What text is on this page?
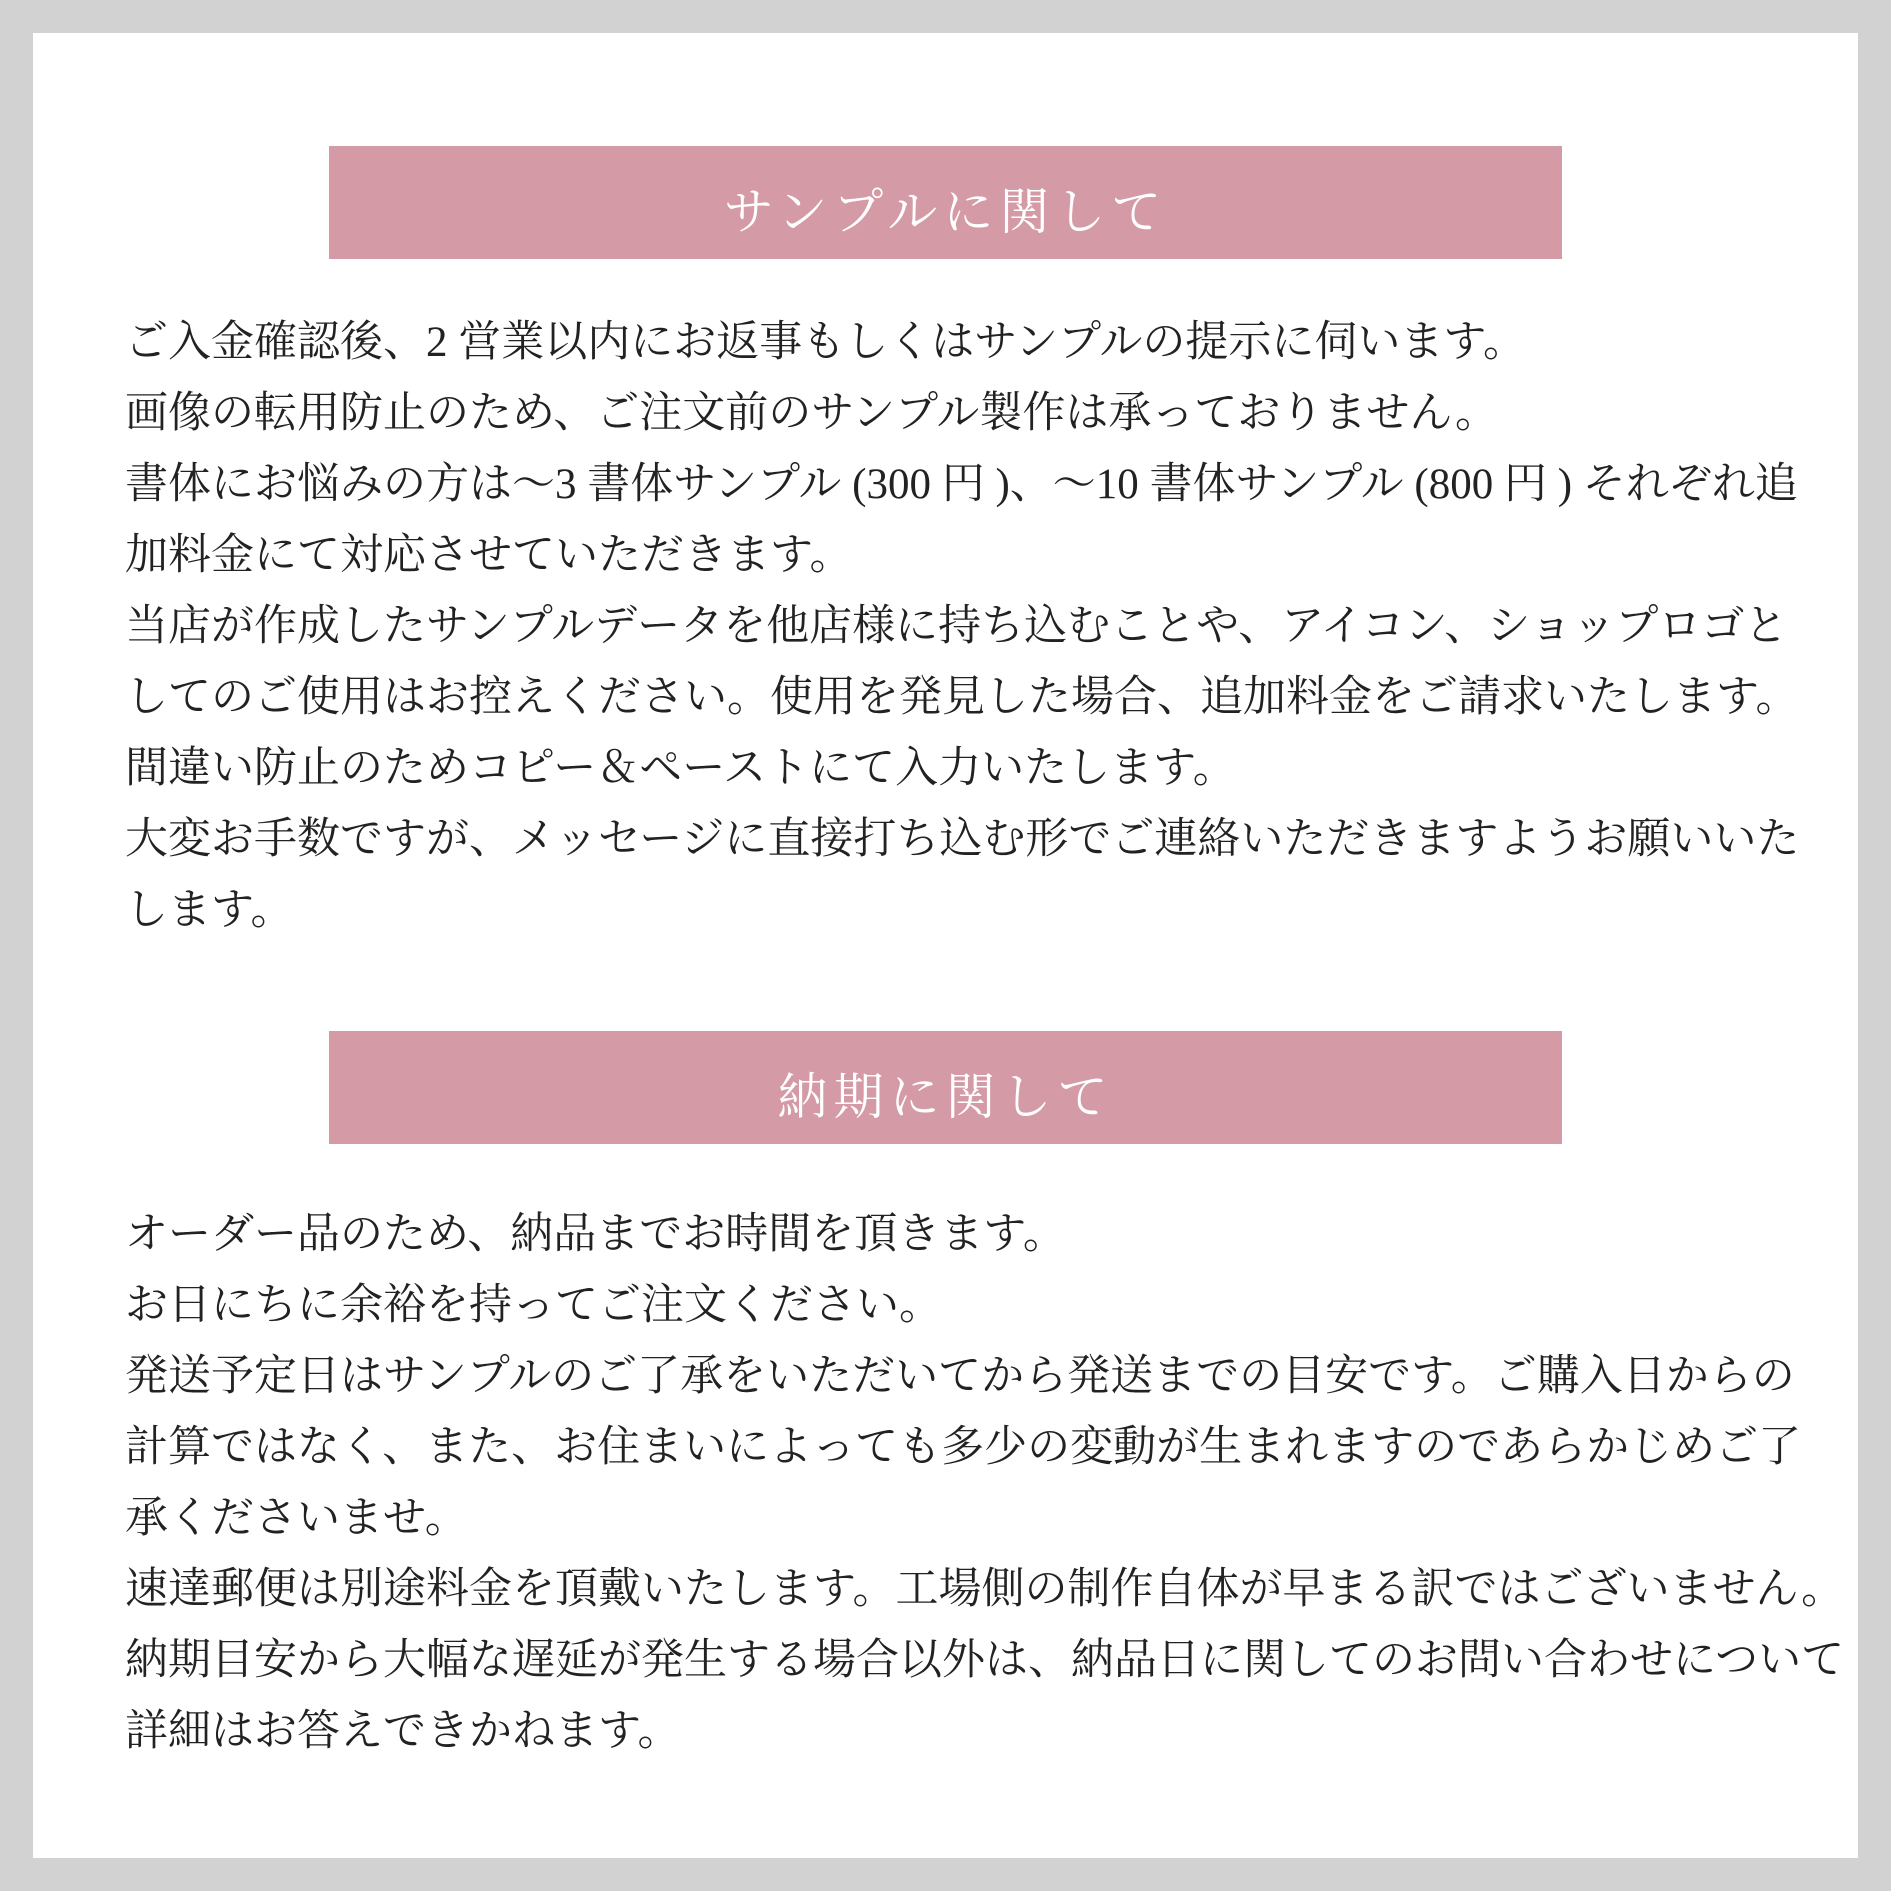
サンプルに関して
ご入金確認後、2 営業以内にお返事もしくはサンプルの提示に伺います。
画像の転用防止のため、ご注文前のサンプル製作は承っておりません。
書体にお悩みの方は～3 書体サンプル (300 円 )、～10 書体サンプル (800 円 ) それぞれ追
加料金にて対応させていただきます。
当店が作成したサンプルデータを他店様に持ち込むことや、アイコン、ショップロゴと
してのご使用はお控えください。使用を発見した場合、追加料金をご請求いたします。
間違い防止のためコピー＆ペーストにて入力いたします。
大変お手数ですが、メッセージに直接打ち込む形でご連絡いただきますようお願いいた
します。
納期に関して
オーダー品のため、納品までお時間を頂きます。
お日にちに余裕を持ってご注文ください。
発送予定日はサンプルのご了承をいただいてから発送までの目安です。ご購入日からの
計算ではなく、また、お住まいによっても多少の変動が生まれますのであらかじめご了
承くださいませ。
速達郵便は別途料金を頂戴いたします。工場側の制作自体が早まる訳ではございません。
納期目安から大幅な遅延が発生する場合以外は、納品日に関してのお問い合わせについて
詳細はお答えできかねます。
